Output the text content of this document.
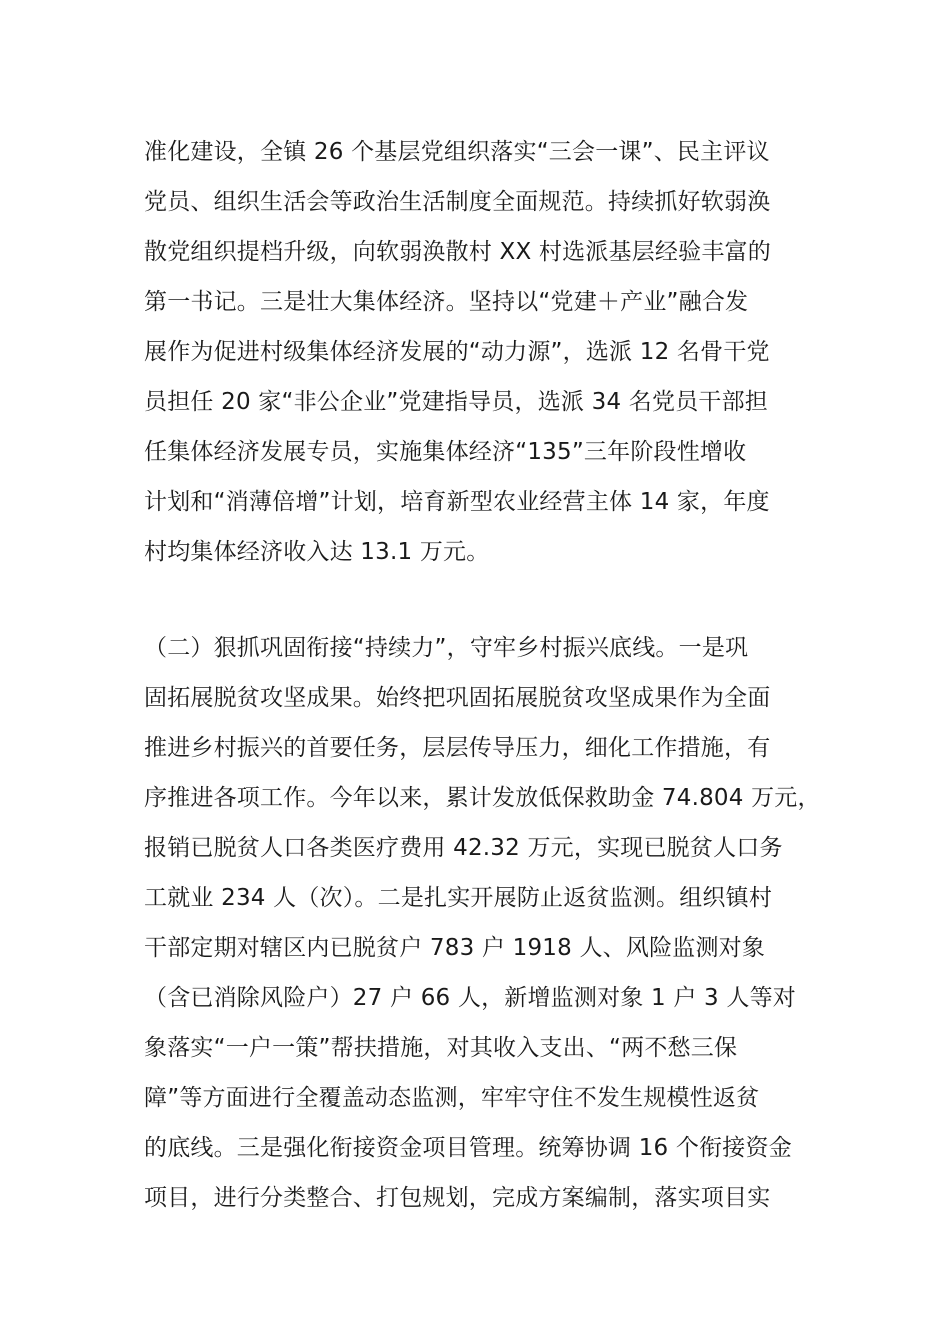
准化建设，全镇 26 个基层党组织落实“三会一课”、民主评议
党员、组织生活会等政治生活制度全面规范。持续抓好软弱涣
散党组织提档升级，向软弱涣散村 XX 村选派基层经验丰富的
第一书记。三是壮大集体经济。坚持以“党建＋产业”融合发
展作为促进村级集体经济发展的“动力源”，选派 12 名骨干党
员担任 20 家“非公企业”党建指导员，选派 34 名党员干部担
任集体经济发展专员，实施集体经济“135”三年阶段性增收
计划和“消薄倍增”计划，培育新型农业经营主体 14 家，年度
村均集体经济收入达 13.1 万元。
（二）狠抓巩固衔接“持续力”，守牢乡村振兴底线。一是巩
固拓展脱贫攻坚成果。始终把巩固拓展脱贫攻坚成果作为全面
推进乡村振兴的首要任务，层层传导压力，细化工作措施，有
序推进各项工作。今年以来，累计发放低保救助金 74.804 万元，
报销已脱贫人口各类医疗费用 42.32 万元，实现已脱贫人口务
工就业 234 人（次）。二是扎实开展防止返贫监测。组织镇村
干部定期对辖区内已脱贫户 783 户 1918 人、风险监测对象
（含已消除风险户）27 户 66 人，新增监测对象 1 户 3 人等对
象落实“一户一策”帮扶措施，对其收入支出、“两不愁三保
障”等方面进行全覆盖动态监测，牢牢守住不发生规模性返贫
的底线。三是强化衔接资金项目管理。统筹协调 16 个衔接资金
项目，进行分类整合、打包规划，完成方案编制，落实项目实
